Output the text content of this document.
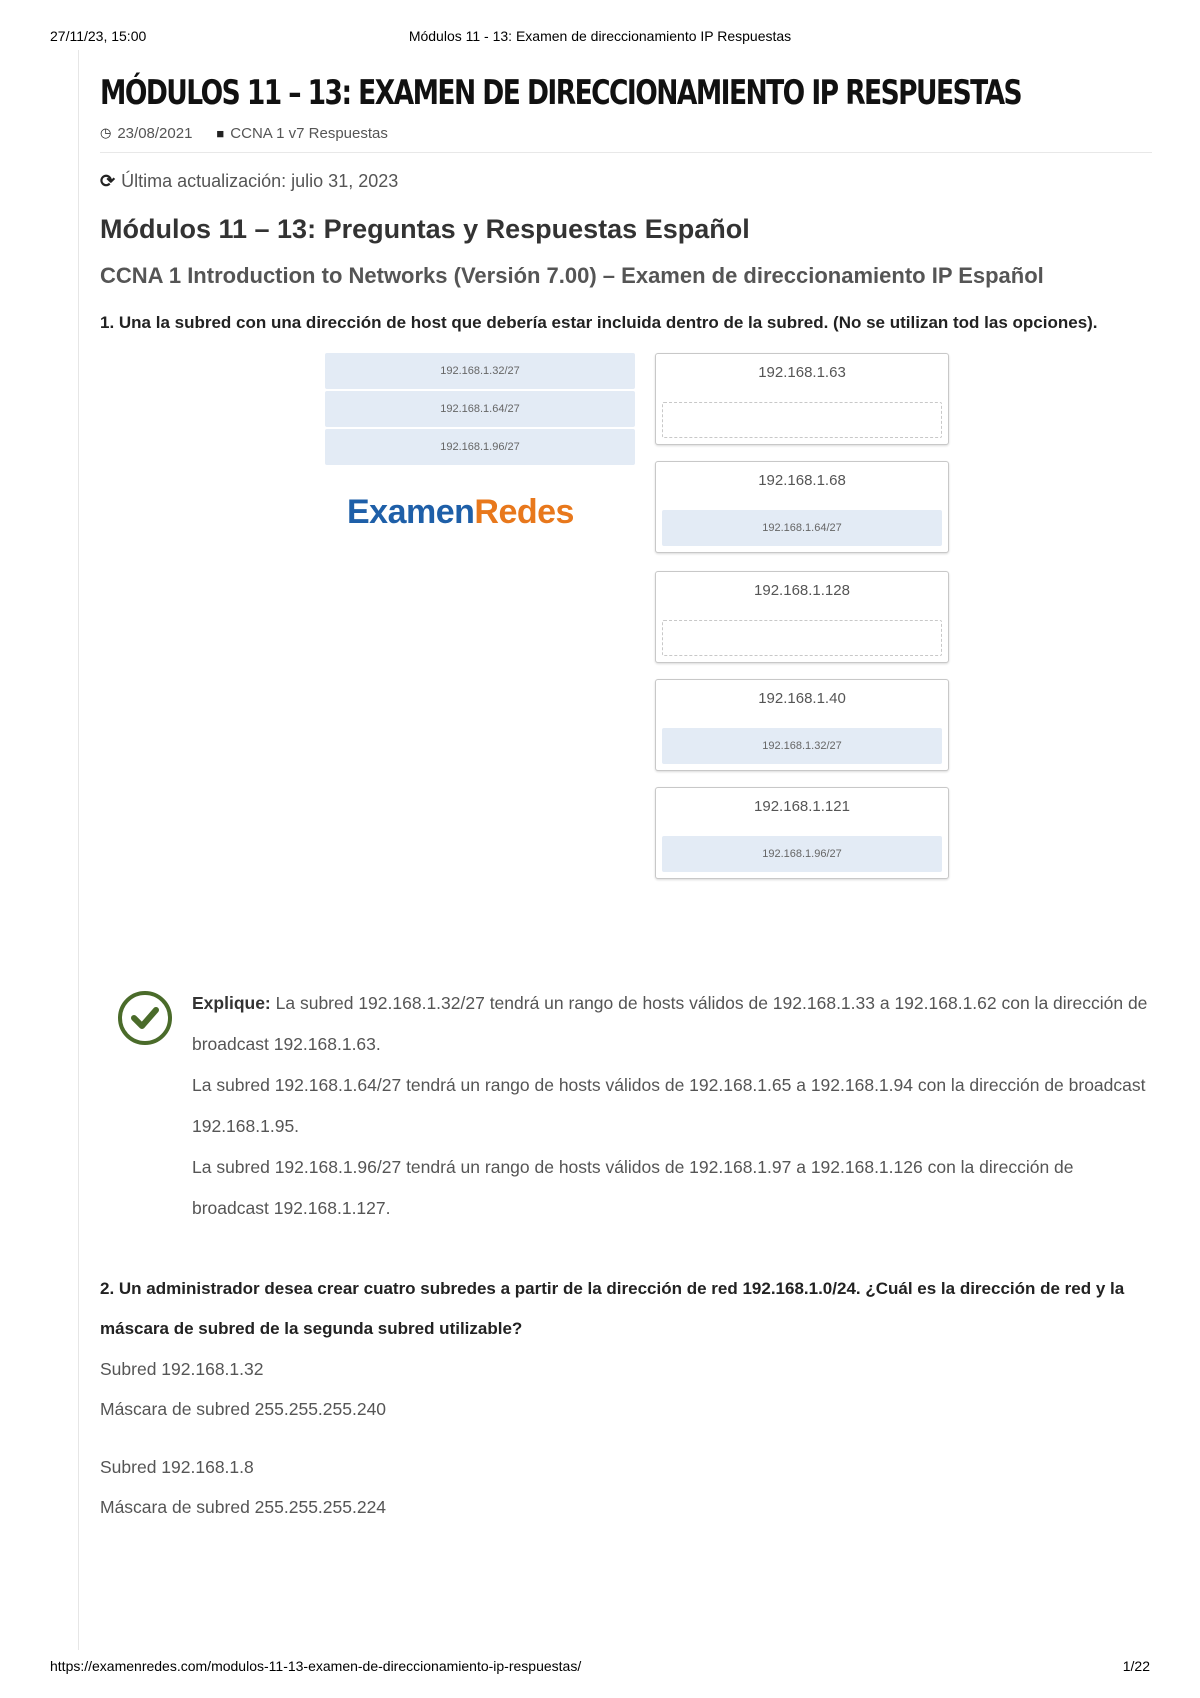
27/11/23, 15:00	Módulos 11 - 13: Examen de direccionamiento IP Respuestas
MÓDULOS 11 – 13: EXAMEN DE DIRECCIONAMIENTO IP RESPUESTAS
◷ 23/08/2021 ■ CCNA 1 v7 Respuestas
⟳ Última actualización: julio 31, 2023
Módulos 11 – 13: Preguntas y Respuestas Español
CCNA 1 Introduction to Networks (Versión 7.00) – Examen de direccionamiento IP Español

1. Una la subred con una dirección de host que debería estar incluida dentro de la subred. (No se utilizan tod las opciones).

192.168.1.32/27
192.168.1.64/27
192.168.1.96/27
ExamenRedes
192.168.1.63
192.168.1.68
192.168.1.64/27
192.168.1.128
192.168.1.40
192.168.1.32/27
192.168.1.121
192.168.1.96/27
Explique: La subred 192.168.1.32/27 tendrá un rango de hosts válidos de 192.168.1.33 a 192.168.1.62 con la dirección de broadcast 192.168.1.63.
La subred 192.168.1.64/27 tendrá un rango de hosts válidos de 192.168.1.65 a 192.168.1.94 con la dirección de broadcast 192.168.1.95.
La subred 192.168.1.96/27 tendrá un rango de hosts válidos de 192.168.1.97 a 192.168.1.126 con la dirección de broadcast 192.168.1.127.

2. Un administrador desea crear cuatro subredes a partir de la dirección de red 192.168.1.0/24. ¿Cuál es la dirección de red y la máscara de subred de la segunda subred utilizable?

Subred 192.168.1.32
Máscara de subred 255.255.255.240
Subred 192.168.1.8
Máscara de subred 255.255.255.224
https://examenredes.com/modulos-11-13-examen-de-direccionamiento-ip-respuestas/	1/22
